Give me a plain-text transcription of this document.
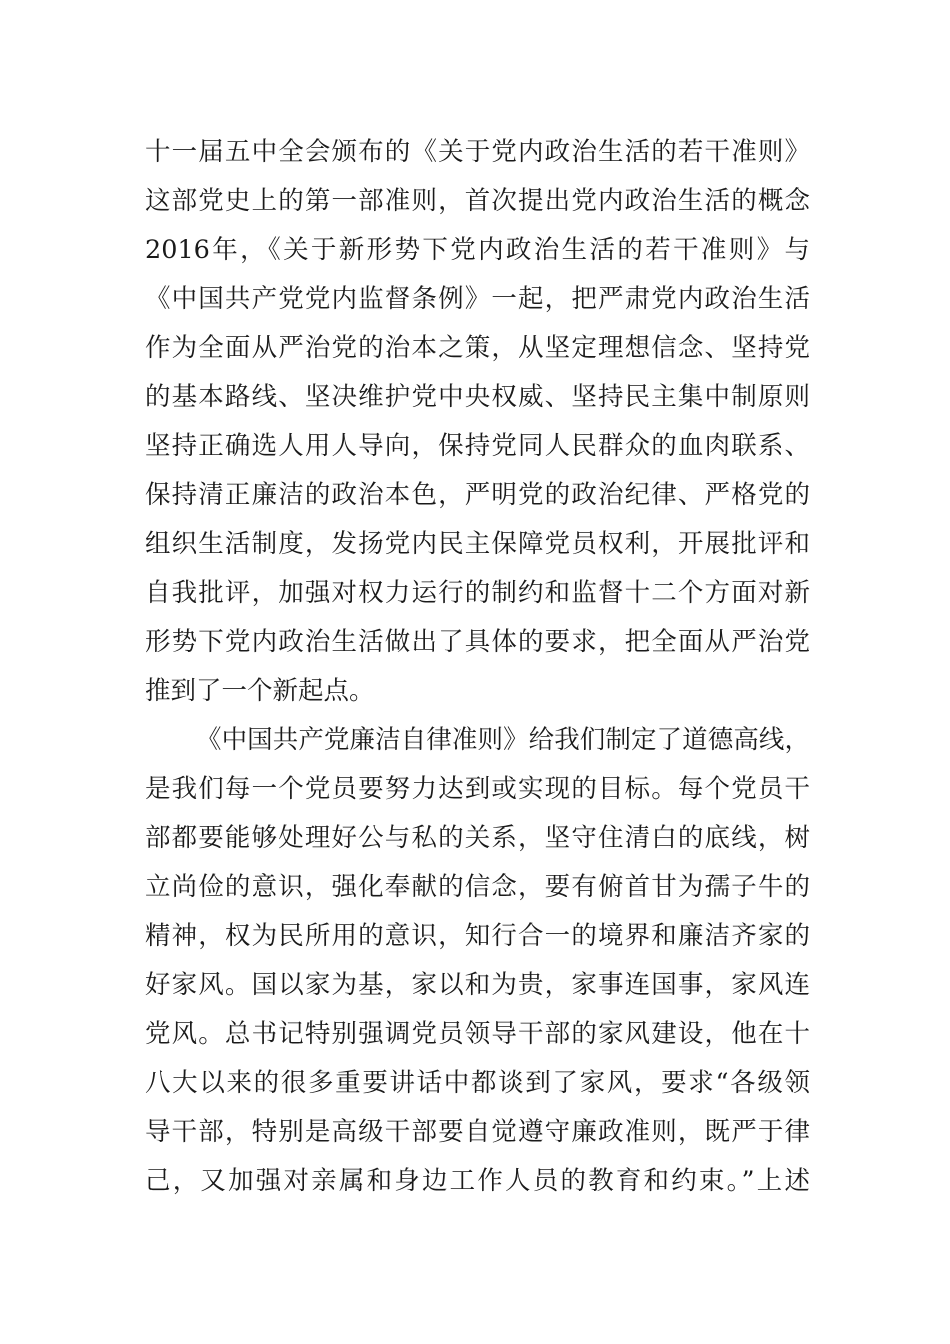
十一届五中全会颁布的《关于党内政治生活的若干准则》
这部党史上的第一部准则，首次提出党内政治生活的概念
2016年，《关于新形势下党内政治生活的若干准则》与
《中国共产党党内监督条例》一起，把严肃党内政治生活
作为全面从严治党的治本之策，从坚定理想信念、坚持党
的基本路线、坚决维护党中央权威、坚持民主集中制原则
坚持正确选人用人导向，保持党同人民群众的血肉联系、
保持清正廉洁的政治本色，严明党的政治纪律、严格党的
组织生活制度，发扬党内民主保障党员权利，开展批评和
自我批评，加强对权力运行的制约和监督十二个方面对新
形势下党内政治生活做出了具体的要求，把全面从严治党
推到了一个新起点。
《中国共产党廉洁自律准则》给我们制定了道德高线，
是我们每一个党员要努力达到或实现的目标。每个党员干
部都要能够处理好公与私的关系，坚守住清白的底线，树
立尚俭的意识，强化奉献的信念，要有俯首甘为孺子牛的
精神，权为民所用的意识，知行合一的境界和廉洁齐家的
好家风。国以家为基，家以和为贵，家事连国事，家风连
党风。总书记特别强调党员领导干部的家风建设，他在十
八大以来的很多重要讲话中都谈到了家风，要求“各级领
导干部，特别是高级干部要自觉遵守廉政准则，既严于律
己，又加强对亲属和身边工作人员的教育和约束。”上述
